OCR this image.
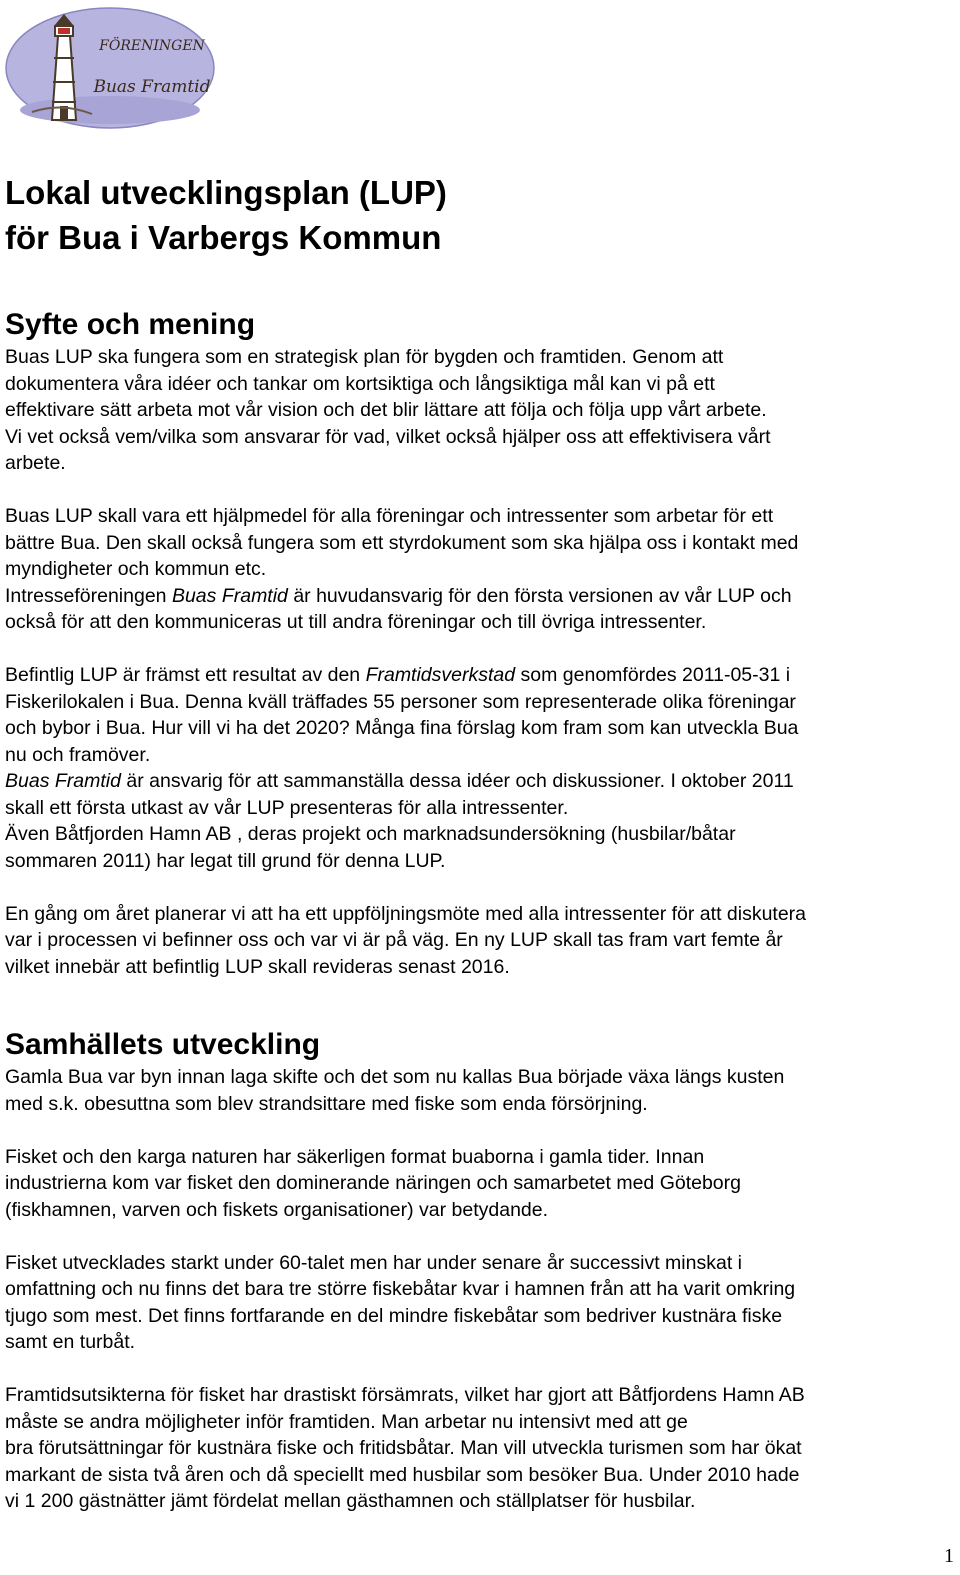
FÖRENINGEN
Buas Framtid
Lokal utvecklingsplan (LUP)
för Bua i Varbergs Kommun
Syfte och mening

Buas LUP ska fungera som en strategisk plan för bygden och framtiden. Genom att
dokumentera våra idéer och tankar om kortsiktiga och långsiktiga mål kan vi på ett
effektivare sätt arbeta mot vår vision och det blir lättare att följa och följa upp vårt arbete.
Vi vet också vem/vilka som ansvarar för vad, vilket också hjälper oss att effektivisera vårt
arbete.

Buas LUP skall vara ett hjälpmedel för alla föreningar och intressenter som arbetar för ett
bättre Bua. Den skall också fungera som ett styrdokument som ska hjälpa oss i kontakt med
myndigheter och kommun etc.
Intresseföreningen Buas Framtid är huvudansvarig för den första versionen av vår LUP och
också för att den kommuniceras ut till andra föreningar och till övriga intressenter.

Befintlig LUP är främst ett resultat av den Framtidsverkstad som genomfördes 2011-05-31 i
Fiskerilokalen i Bua. Denna kväll träffades 55 personer som representerade olika föreningar
och bybor i Bua. Hur vill vi ha det 2020? Många fina förslag kom fram som kan utveckla Bua
nu och framöver.
Buas Framtid är ansvarig för att sammanställa dessa idéer och diskussioner. I oktober 2011
skall ett första utkast av vår LUP presenteras för alla intressenter.
Även Båtfjorden Hamn AB , deras projekt och marknadsundersökning (husbilar/båtar
sommaren 2011) har legat till grund för denna LUP.

En gång om året planerar vi att ha ett uppföljningsmöte med alla intressenter för att diskutera
var i processen vi befinner oss och var vi är på väg. En ny LUP skall tas fram vart femte år
vilket innebär att befintlig LUP skall revideras senast 2016.

Samhällets utveckling

Gamla Bua var byn innan laga skifte och det som nu kallas Bua började växa längs kusten
med s.k. obesuttna som blev strandsittare med fiske som enda försörjning.

Fisket och den karga naturen har säkerligen format buaborna i gamla tider. Innan
industrierna kom var fisket den dominerande näringen och samarbetet med Göteborg
(fiskhamnen, varven och fiskets organisationer) var betydande.

Fisket utvecklades starkt under 60-talet men har under senare år successivt minskat i
omfattning och nu finns det bara tre större fiskebåtar kvar i hamnen från att ha varit omkring
tjugo som mest. Det finns fortfarande en del mindre fiskebåtar som bedriver kustnära fiske
samt en turbåt.

Framtidsutsikterna för fisket har drastiskt försämrats, vilket har gjort att Båtfjordens Hamn AB
måste se andra möjligheter inför framtiden. Man arbetar nu intensivt med att ge
bra förutsättningar för kustnära fiske och fritidsbåtar. Man vill utveckla turismen som har ökat
markant de sista två åren och då speciellt med husbilar som besöker Bua. Under 2010 hade
vi 1 200 gästnätter jämt fördelat mellan gästhamnen och ställplatser för husbilar.

1
